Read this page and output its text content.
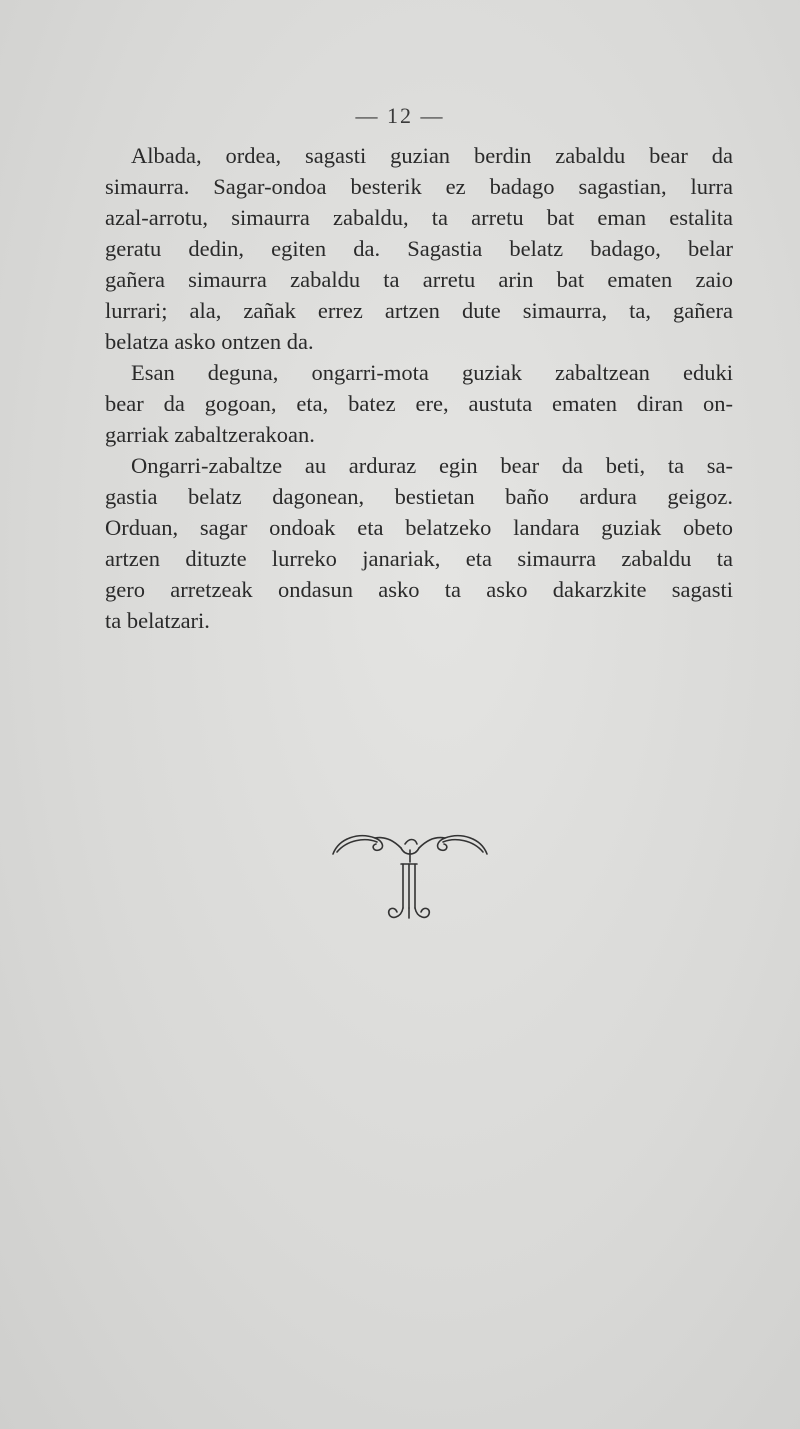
— 12 —
Albada, ordea, sagasti guzian berdin zabaldu bear da
simaurra. Sagar-ondoa besterik ez badago sagastian, lurra
azal-arrotu, simaurra zabaldu, ta arretu bat eman estalita
geratu dedin, egiten da. Sagastia belatz badago, belar
gañera simaurra zabaldu ta arretu arin bat ematen zaio
lurrari; ala, zañak errez artzen dute simaurra, ta, gañera
belatza asko ontzen da.
Esan deguna, ongarri-mota guziak zabaltzean eduki
bear da gogoan, eta, batez ere, austuta ematen diran on-
garriak zabaltzerakoan.
Ongarri-zabaltze au arduraz egin bear da beti, ta sa-
gastia belatz dagonean, bestietan baño ardura geigoz.
Orduan, sagar ondoak eta belatzeko landara guziak obeto
artzen dituzte lurreko janariak, eta simaurra zabaldu ta
gero arretzeak ondasun asko ta asko dakarzkite sagasti
ta belatzari.
